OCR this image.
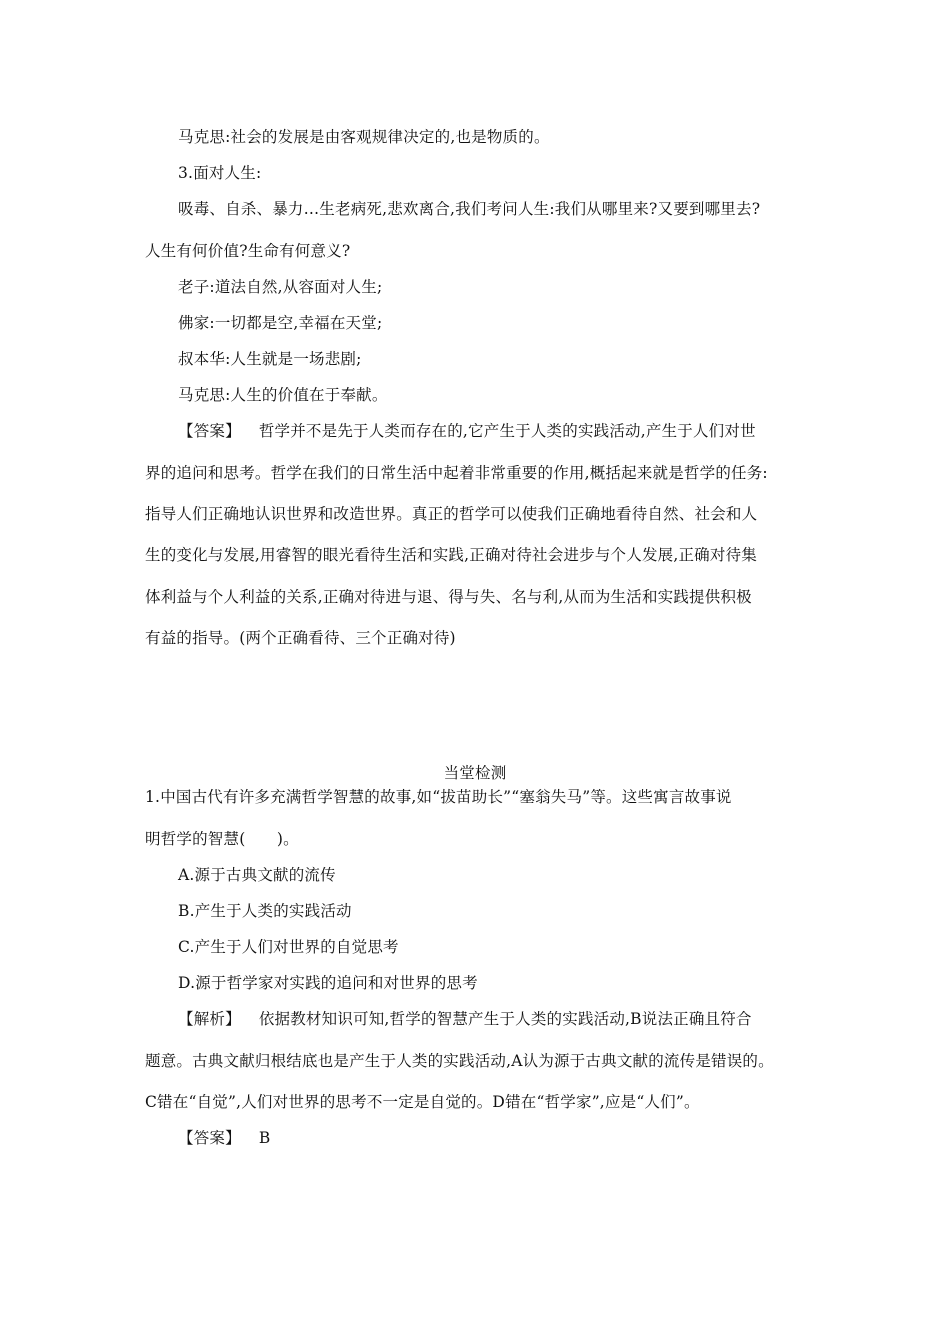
马克思:社会的发展是由客观规律决定的,也是物质的。
3.面对人生:
吸毒、自杀、暴力…生老病死,悲欢离合,我们考问人生:我们从哪里来?又要到哪里去?
人生有何价值?生命有何意义?
老子:道法自然,从容面对人生;
佛家:一切都是空,幸福在天堂;
叔本华:人生就是一场悲剧;
马克思:人生的价值在于奉献。
【答案】 哲学并不是先于人类而存在的,它产生于人类的实践活动,产生于人们对世
界的追问和思考。哲学在我们的日常生活中起着非常重要的作用,概括起来就是哲学的任务:
指导人们正确地认识世界和改造世界。真正的哲学可以使我们正确地看待自然、社会和人
生的变化与发展,用睿智的眼光看待生活和实践,正确对待社会进步与个人发展,正确对待集
体利益与个人利益的关系,正确对待进与退、得与失、名与利,从而为生活和实践提供积极
有益的指导。(两个正确看待、三个正确对待)
当堂检测
1.中国古代有许多充满哲学智慧的故事,如“拔苗助长”“塞翁失马”等。这些寓言故事说
明哲学的智慧(　　)。
A.源于古典文献的流传
B.产生于人类的实践活动
C.产生于人们对世界的自觉思考
D.源于哲学家对实践的追问和对世界的思考
【解析】 依据教材知识可知,哲学的智慧产生于人类的实践活动,B说法正确且符合
题意。古典文献归根结底也是产生于人类的实践活动,A认为源于古典文献的流传是错误的。
C错在“自觉”,人们对世界的思考不一定是自觉的。D错在“哲学家”,应是“人们”。
【答案】 B
